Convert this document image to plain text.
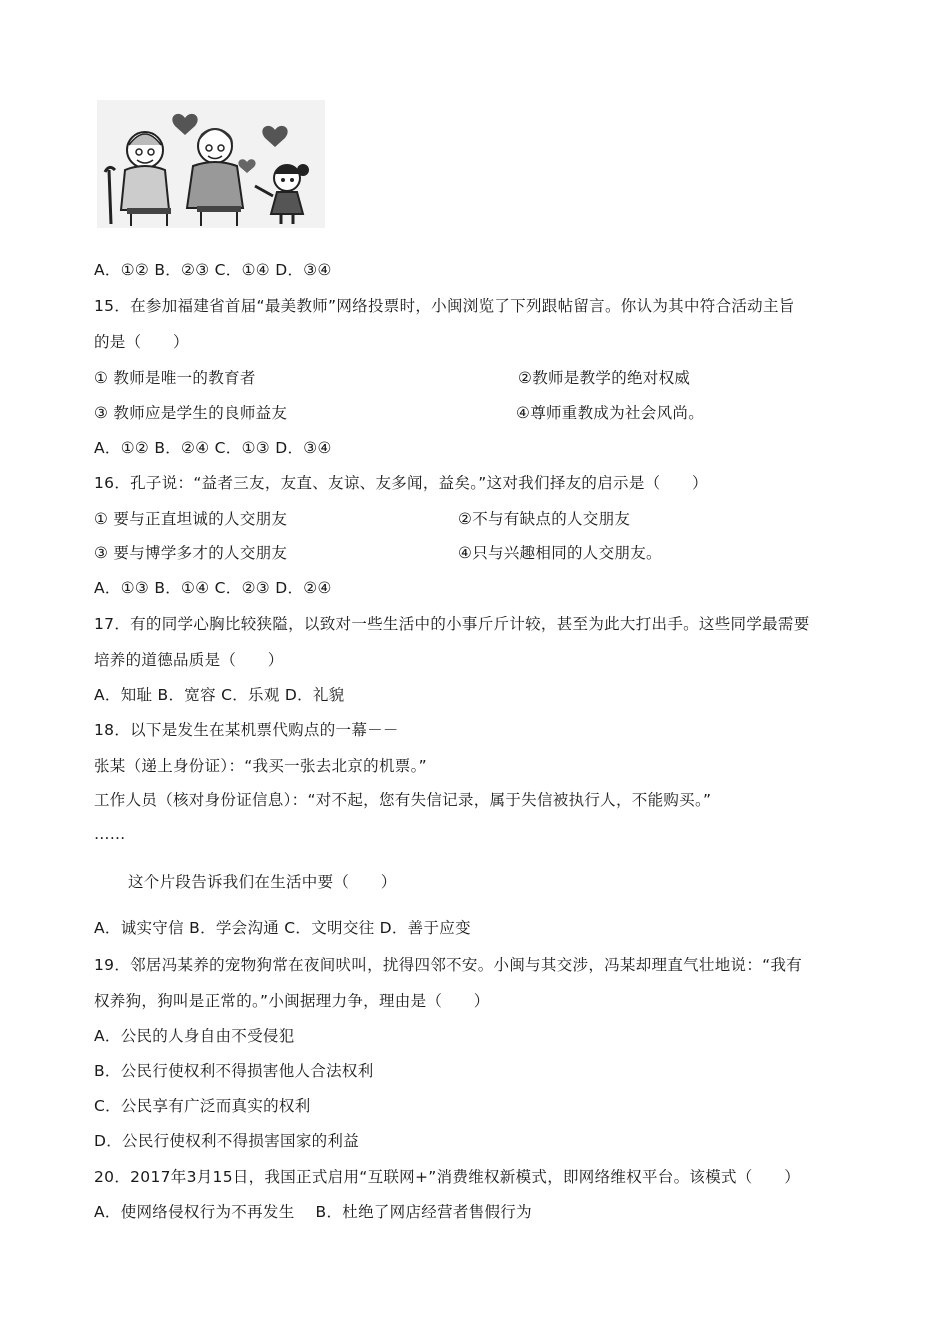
A．①② B．②③ C．①④ D．③④
15．在参加福建省首届“最美教师”网络投票时，小闽浏览了下列跟帖留言。你认为其中符合活动主旨
的是（　　）
① 教师是唯一的教育者	②教师是教学的绝对权威
③ 教师应是学生的良师益友	④尊师重教成为社会风尚。
A．①② B．②④ C．①③ D．③④
16．孔子说：“益者三友，友直、友谅、友多闻，益矣。”这对我们择友的启示是（　　）
① 要与正直坦诚的人交朋友	②不与有缺点的人交朋友
③ 要与博学多才的人交朋友	④只与兴趣相同的人交朋友。
A．①③ B．①④ C．②③ D．②④
17．有的同学心胸比较狭隘，以致对一些生活中的小事斤斤计较，甚至为此大打出手。这些同学最需要
培养的道德品质是（　　）
A．知耻 B．宽容 C．乐观 D．礼貌
18．以下是发生在某机票代购点的一幕－－
张某（递上身份证）：“我买一张去北京的机票。”
工作人员（核对身份证信息）：“对不起，您有失信记录，属于失信被执行人，不能购买。”
……
这个片段告诉我们在生活中要（　　）
A．诚实守信 B．学会沟通 C．文明交往 D．善于应变
19．邻居冯某养的宠物狗常在夜间吠叫，扰得四邻不安。小闽与其交涉，冯某却理直气壮地说：“我有
权养狗，狗叫是正常的。”小闽据理力争，理由是（　　）
A．公民的人身自由不受侵犯
B．公民行使权利不得损害他人合法权利
C．公民享有广泛而真实的权利
D．公民行使权利不得损害国家的利益
20．2017年3月15日，我国正式启用“互联网+”消费维权新模式，即网络维权平台。该模式（　　）
A．使网络侵权行为不再发生　 B．杜绝了网店经营者售假行为
